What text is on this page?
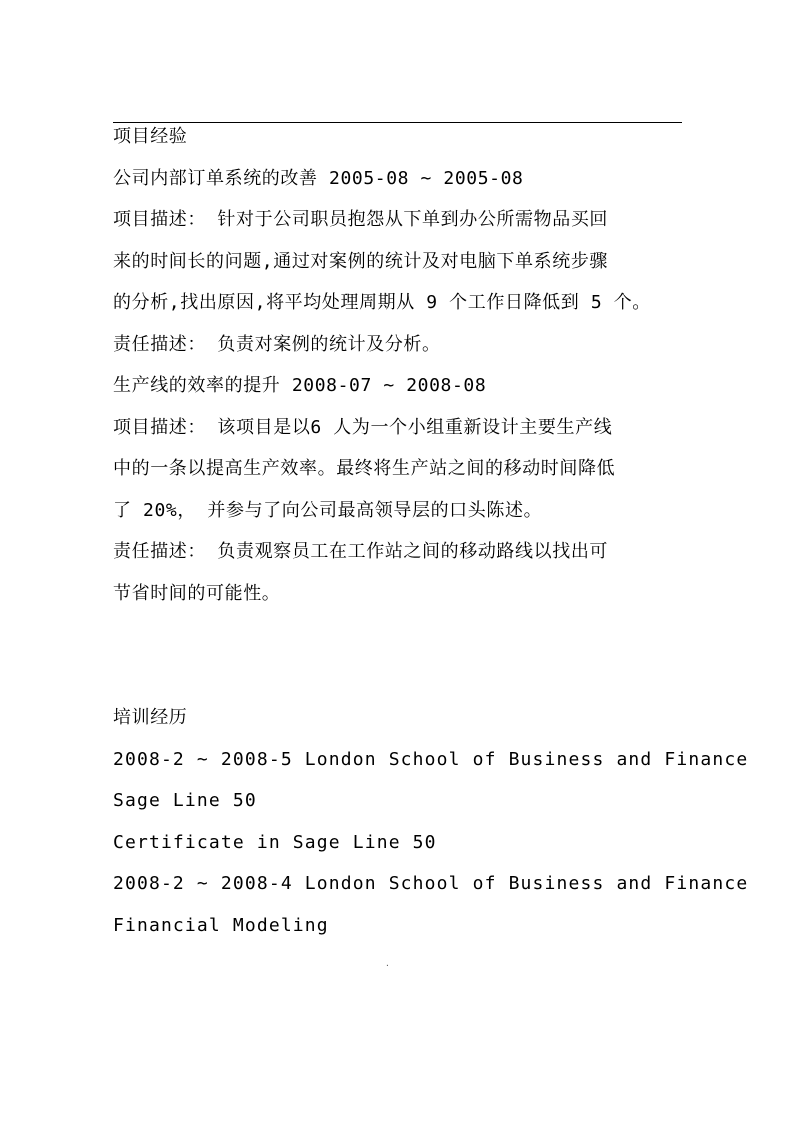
项目经验
公司内部订单系统的改善 2005-08 ~ 2005-08
项目描述： 针对于公司职员抱怨从下单到办公所需物品买回
来的时间长的问题,通过对案例的统计及对电脑下单系统步骤
的分析,找出原因,将平均处理周期从 9 个工作日降低到 5 个。
责任描述： 负责对案例的统计及分析。
生产线的效率的提升 2008-07 ~ 2008-08
项目描述： 该项目是以6 人为一个小组重新设计主要生产线
中的一条以提高生产效率。最终将生产站之间的移动时间降低
了 20%， 并参与了向公司最高领导层的口头陈述。
责任描述： 负责观察员工在工作站之间的移动路线以找出可
节省时间的可能性。
培训经历
2008-2 ~ 2008-5 London School of Business and Finance
Sage Line 50
Certificate in Sage Line 50
2008-2 ~ 2008-4 London School of Business and Finance
Financial Modeling
.
